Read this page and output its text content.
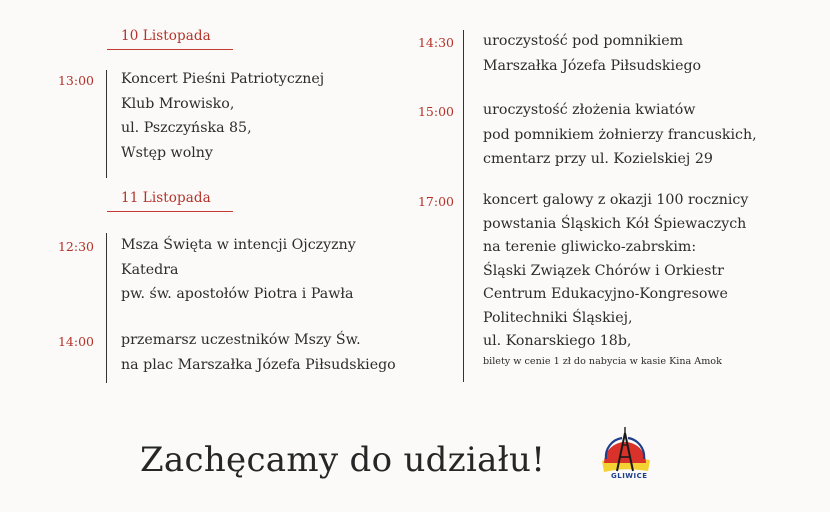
10 Listopada
13:00 Koncert Pieśni Patriotycznej
Klub Mrowisko,
ul. Pszczyńska 85,
Wstęp wolny
11 Listopada
12:30
14:00
Msza Święta w intencji Ojczyzny
Katedra
pw. św. apostołów Piotra i Pawła
przemarsz uczestników Mszy Św.
na plac Marszałka Józefa Piłsudskiego
14:30 uroczystość pod pomnikiem
Marszałka Józefa Piłsudskiego
15:00 uroczystość złożenia kwiatów
pod pomnikiem żołnierzy francuskich,
cmentarz przy ul. Kozielskiej 29
17:00 koncert galowy z okazji 100 rocznicy
powstania Śląskich Kół Śpiewaczych
na terenie gliwicko-zabrskim:
Śląski Związek Chórów i Orkiestr
Centrum Edukacyjno-Kongresowe
Politechniki Śląskiej,
ul. Konarskiego 18b,
bilety w cenie 1 zł do nabycia w kasie Kina Amok
Zachęcamy do udziału!	GLIWICE
